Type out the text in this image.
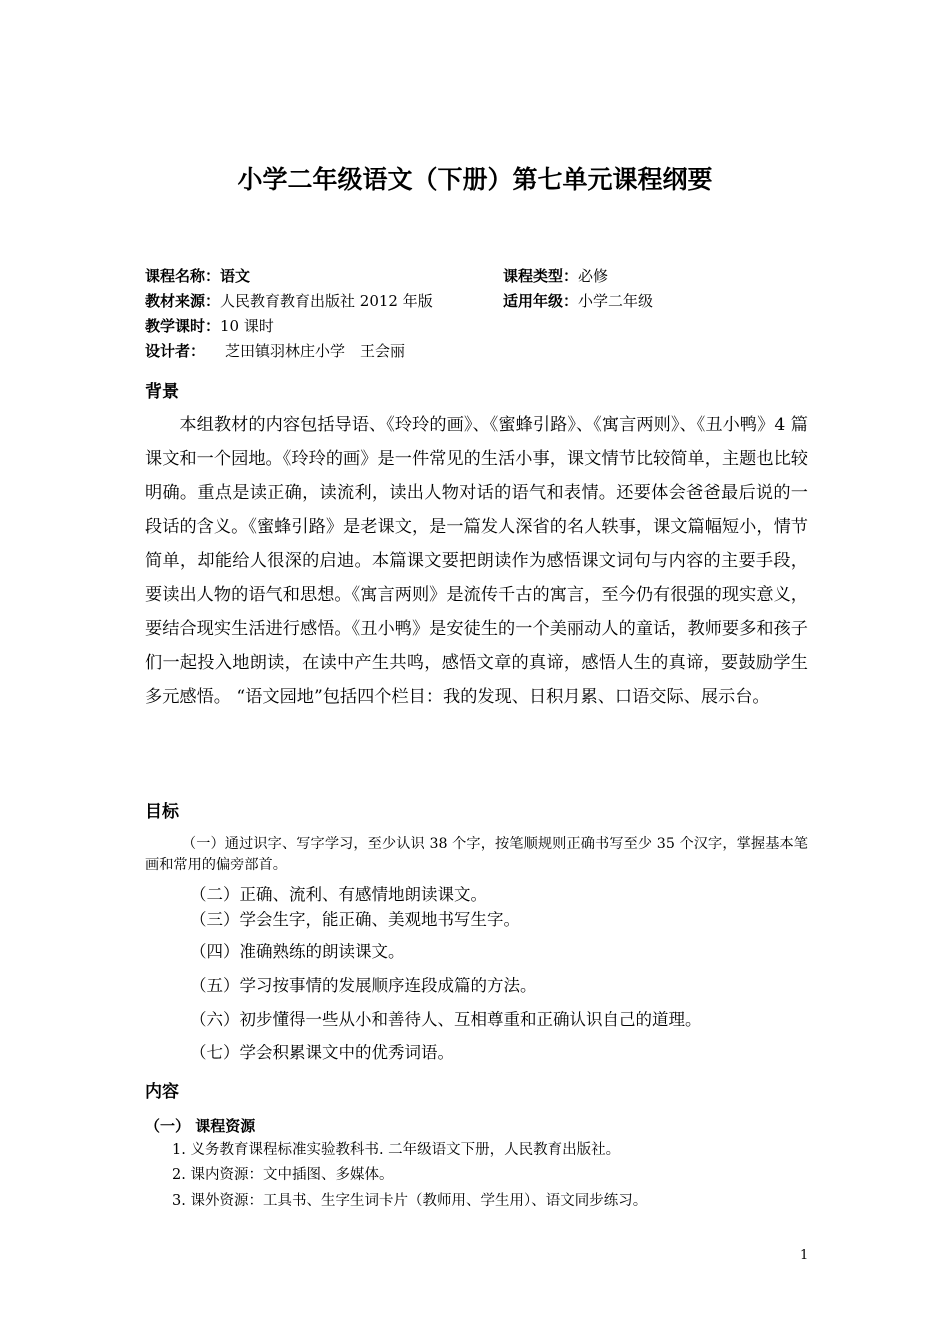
小学二年级语文（下册）第七单元课程纲要
课程名称：语文	课程类型：必修
教材来源：人民教育教育出版社 2012 年版	适用年级：小学二年级
教学课时：10 课时
设计者： 芝田镇羽林庄小学　王会丽
背景
本组教材的内容包括导语、《玲玲的画》、《蜜蜂引路》、《寓言两则》、《丑小鸭》4 篇课文和一个园地。《玲玲的画》是一件常见的生活小事，课文情节比较简单，主题也比较明确。重点是读正确，读流利，读出人物对话的语气和表情。还要体会爸爸最后说的一段话的含义。《蜜蜂引路》是老课文，是一篇发人深省的名人轶事，课文篇幅短小，情节简单，却能给人很深的启迪。本篇课文要把朗读作为感悟课文词句与内容的主要手段，要读出人物的语气和思想。《寓言两则》是流传千古的寓言，至今仍有很强的现实意义，要结合现实生活进行感悟。《丑小鸭》是安徒生的一个美丽动人的童话，教师要多和孩子们一起投入地朗读，在读中产生共鸣，感悟文章的真谛，感悟人生的真谛，要鼓励学生多元感悟。 “语文园地”包括四个栏目：我的发现、日积月累、口语交际、展示台。
目标
（一）通过识字、写字学习，至少认识 38 个字，按笔顺规则正确书写至少 35 个汉字，掌握基本笔画和常用的偏旁部首。
（二）正确、流利、有感情地朗读课文。
（三）学会生字，能正确、美观地书写生字。
（四）准确熟练的朗读课文。
（五）学习按事情的发展顺序连段成篇的方法。
（六）初步懂得一些从小和善待人、互相尊重和正确认识自己的道理。
（七）学会积累课文中的优秀词语。
内容
（一） 课程资源
1. 义务教育课程标准实验教科书. 二年级语文下册，人民教育出版社。
2. 课内资源：文中插图、多媒体。
3. 课外资源：工具书、生字生词卡片（教师用、学生用）、语文同步练习。
1
